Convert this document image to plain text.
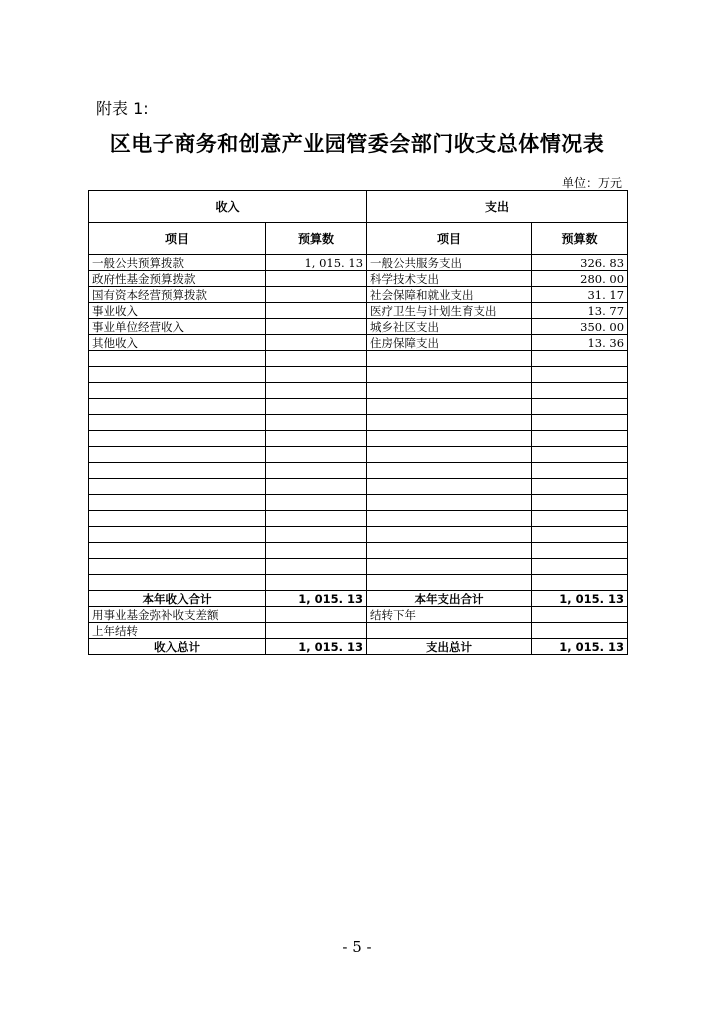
附表 1:
区电子商务和创意产业园管委会部门收支总体情况表
单位：万元
收入		支出	
项目	预算数	项目	预算数
一般公共预算拨款	1, 015. 13	一般公共服务支出	326. 83
政府性基金预算拨款		科学技术支出	280. 00
国有资本经营预算拨款		社会保障和就业支出	31. 17
事业收入		医疗卫生与计划生育支出	13. 77
事业单位经营收入		城乡社区支出	350. 00
其他收入		住房保障支出	13. 36

本年收入合计	1, 015. 13	本年支出合计	1, 015. 13
用事业基金弥补收支差额		结转下年	
上年结转			
收入总计	1, 015. 13	支出总计	1, 015. 13
- 5 -
